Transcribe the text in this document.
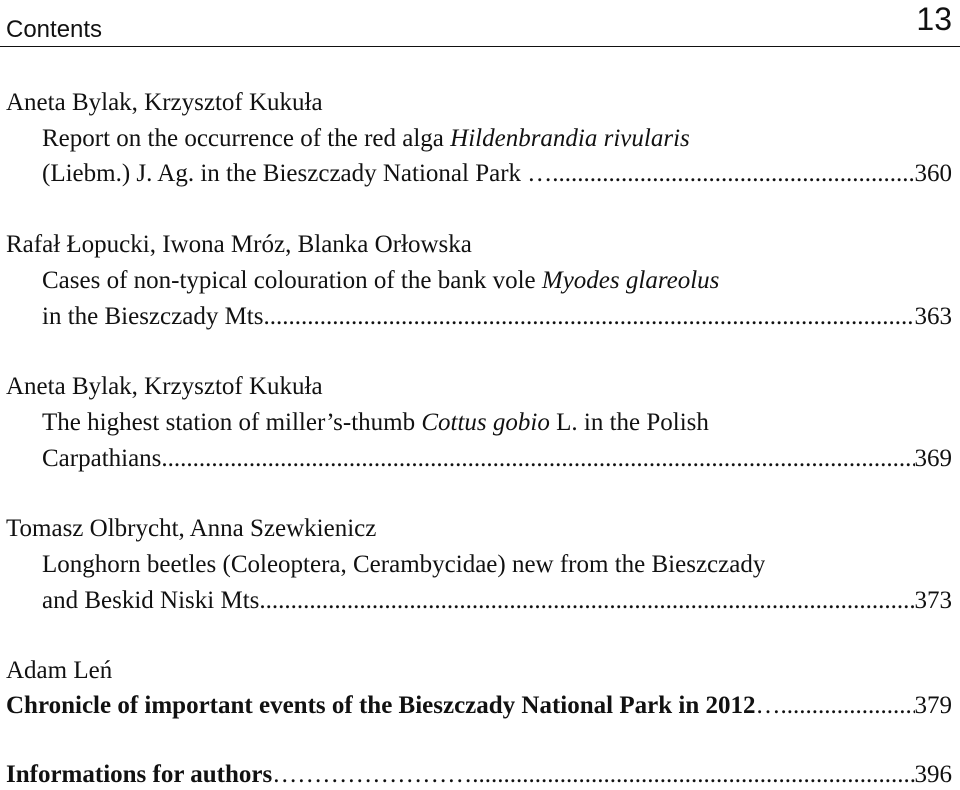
Contents	13
Aneta Bylak, Krzysztof Kukuła
Report on the occurrence of the red alga Hildenbrandia rivularis
(Liebm.) J. Ag. in the Bieszczady National Park … .....	360
Rafał Łopucki, Iwona Mróz, Blanka Orłowska
Cases of non-typical colouration of the bank vole Myodes glareolus
in the Bieszczady Mts. .....	363
Aneta Bylak, Krzysztof Kukuła
The highest station of miller’s-thumb Cottus gobio L. in the Polish
Carpathians .....	369
Tomasz Olbrycht, Anna Szewkienicz
Longhorn beetles (Coleoptera, Cerambycidae) new from the Bieszczady
and Beskid Niski Mts. .....	373
Adam Leń
Chronicle of important events of the Bieszczady National Park in 2012 … .....	379
Informations for authors …………………… .....	396
